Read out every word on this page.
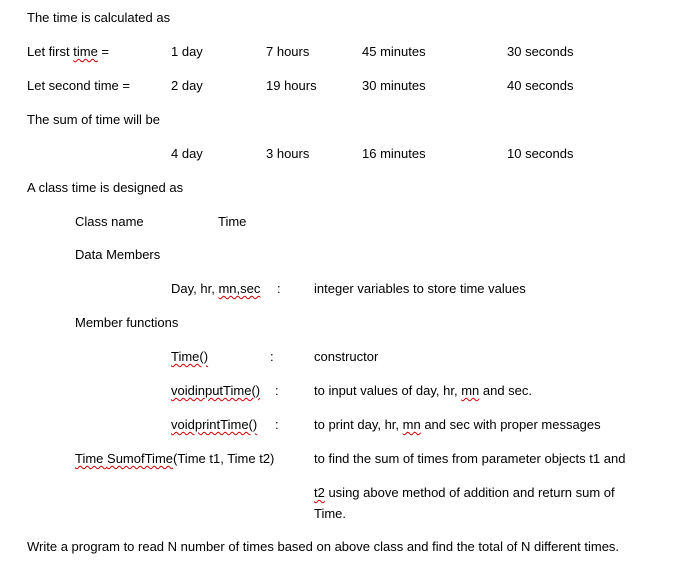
The time is calculated as
Let first time =	1 day	7 hours	45 minutes	30 seconds
Let second time =	2 day	19 hours	30 minutes	40 seconds
The sum of time will be
4 day	3 hours	16 minutes	10 seconds
A class time is designed as
Class name	Time
Data Members
Day, hr, mn,sec :	integer variables to store time values
Member functions
Time()	:	constructor
voidinputTime() :	to input values of day, hr, mn and sec.
voidprintTime() :	to print day, hr, mn and sec with proper messages
Time SumofTime(Time t1, Time t2)	to find the sum of times from parameter objects t1 and
t2 using above method of addition and return sum of
Time.
Write a program to read N number of times based on above class and find the total of N different times.
